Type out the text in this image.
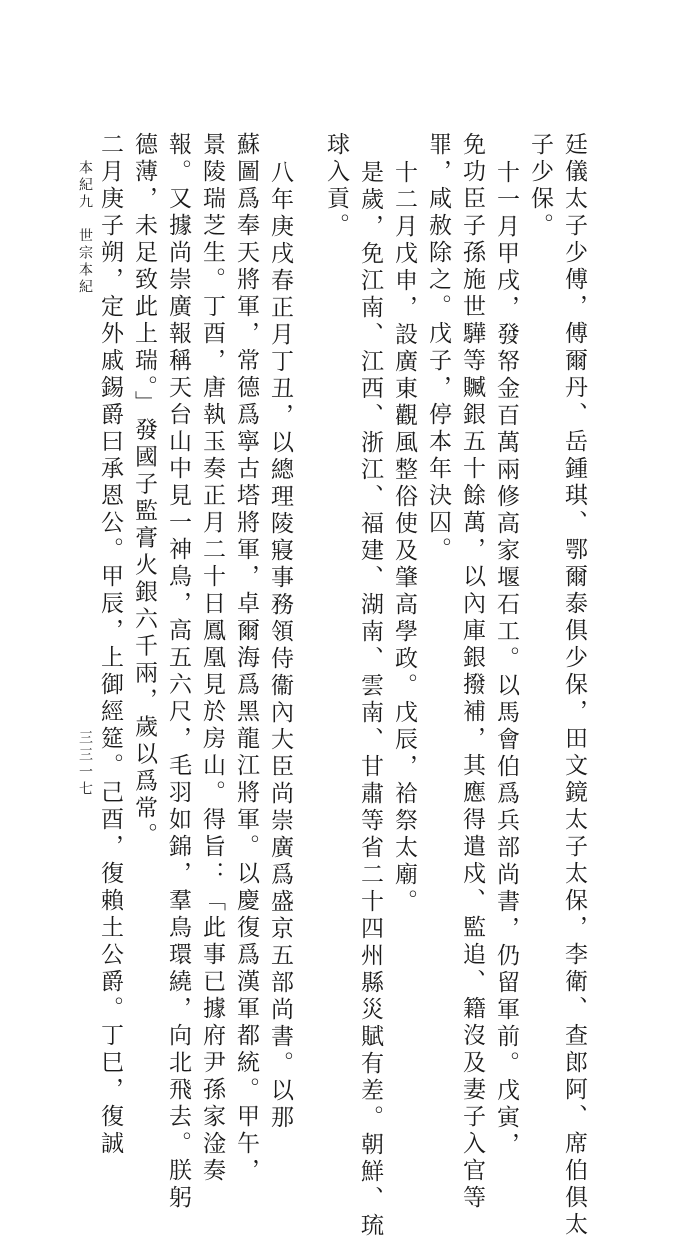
廷儀太子少傅，傅爾丹、岳鍾琪、鄂爾泰俱少保，田文鏡太子太保，李衛、查郎阿、席伯俱太
子少保。
十一月甲戌，發帑金百萬兩修高家堰石工。以馬會伯爲兵部尚書，仍留軍前。戊寅，
免功臣子孫施世驊等贓銀五十餘萬，以內庫銀撥補，其應得遣戍、監追、籍沒及妻子入官等
罪，咸赦除之。戊子，停本年決囚。
十二月戊申，設廣東觀風整俗使及肇高學政。戊辰，祫祭太廟。
是歲，免江南、江西、浙江、福建、湖南、雲南、甘肅等省二十四州縣災賦有差。朝鮮、琉
球入貢。
八年庚戌春正月丁丑，以總理陵寢事務領侍衞內大臣尚崇廣爲盛京五部尚書。以那
蘇圖爲奉天將軍，常德爲寧古塔將軍，卓爾海爲黑龍江將軍。以慶復爲漢軍都統。甲午，
景陵瑞芝生。丁酉，唐執玉奏正月二十日鳳凰見於房山。得旨：「此事已據府尹孫家淦奏
報。又據尚崇廣報稱天台山中見一神鳥，高五六尺，毛羽如錦，羣鳥環繞，向北飛去。朕躬
德薄，未足致此上瑞。」發國子監膏火銀六千兩，歲以爲常。
二月庚子朔，定外戚錫爵曰承恩公。甲辰，上御經筵。己酉，復賴土公爵。丁巳，復誠
本紀九　世宗本紀
三三一七
